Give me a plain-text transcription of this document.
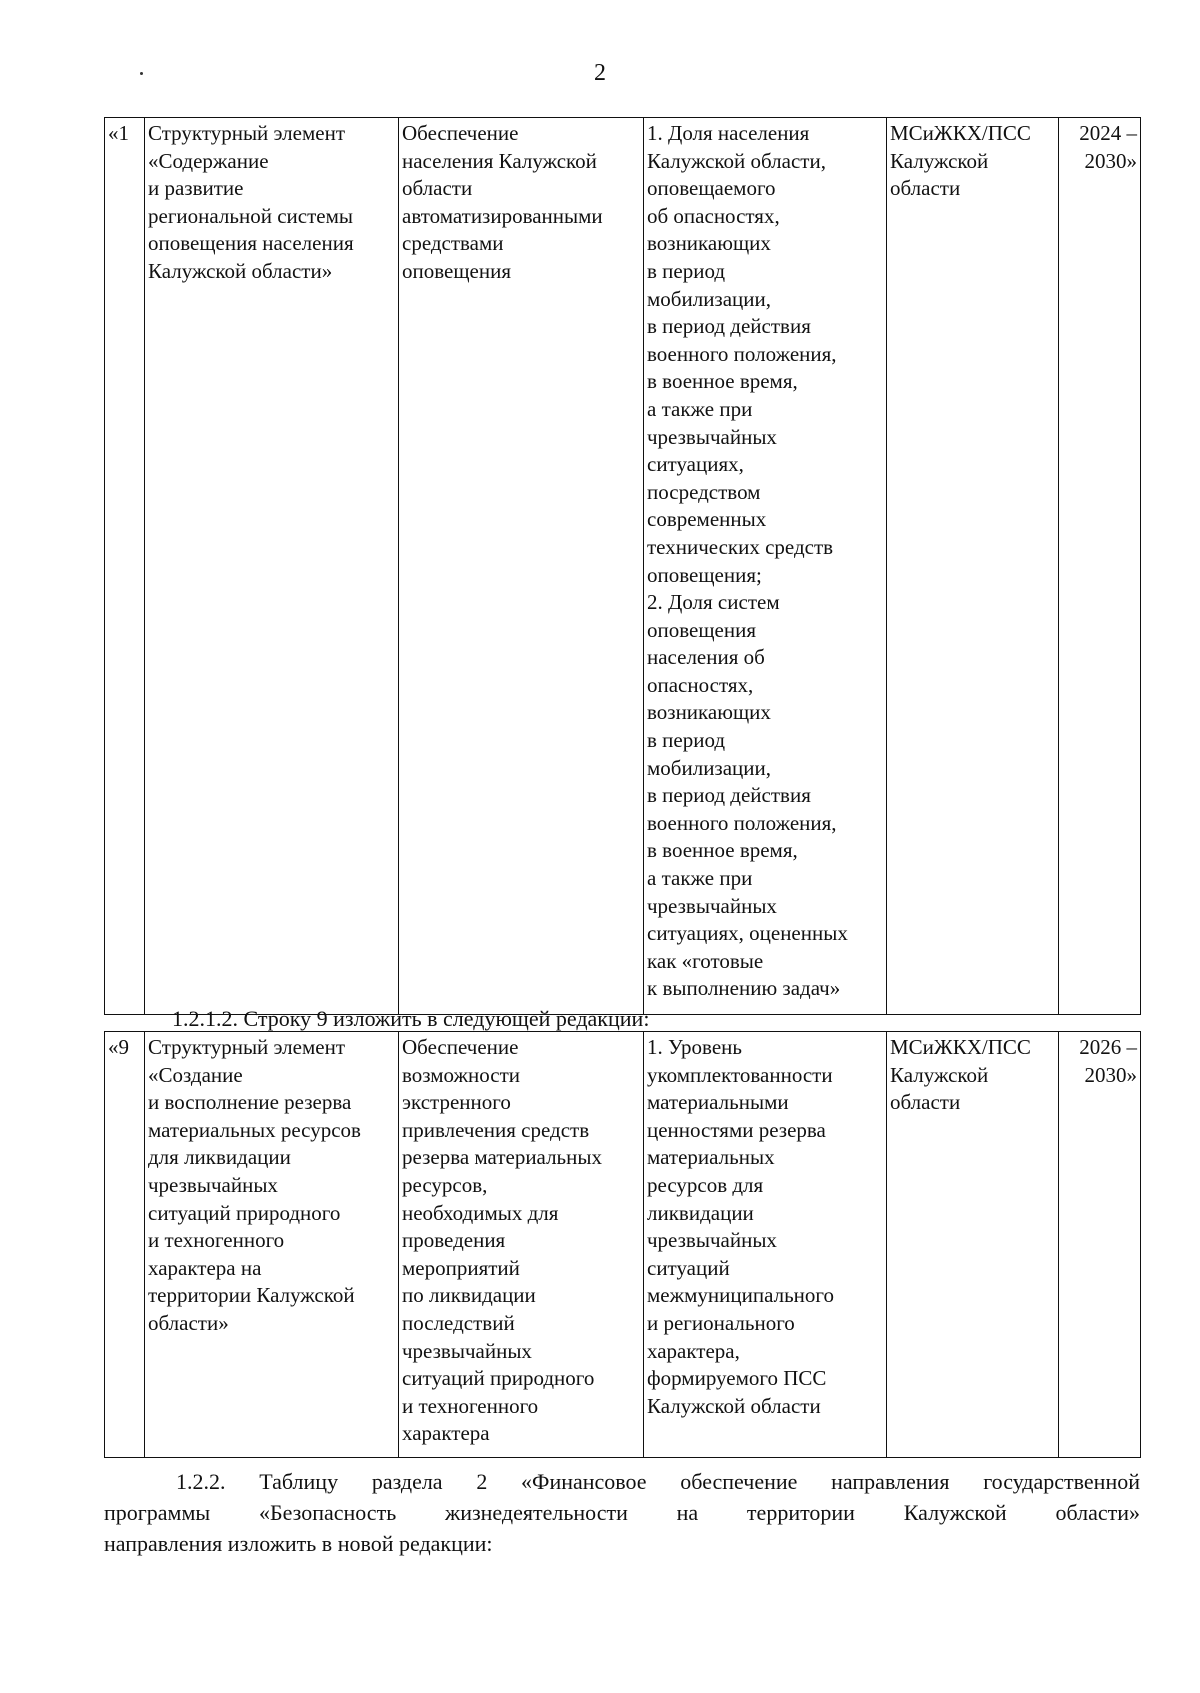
2
«1	Структурный элемент
«Содержание
и развитие
региональной системы
оповещения населения
Калужской области»

Обеспечение
населения Калужской
области
автоматизированными
средствами
оповещения

1. Доля населения
Калужской области,
оповещаемого
об опасностях,
возникающих
в период
мобилизации,
в период действия
военного положения,
в военное время,
а также при
чрезвычайных
ситуациях,
посредством
современных
технических средств
оповещения;
2. Доля систем
оповещения
населения об
опасностях,
возникающих
в период
мобилизации,
в период действия
военного положения,
в военное время,
а также при
чрезвычайных
ситуациях, оцененных
как «готовые
к выполнению задач»

МСиЖКХ/ПСС
Калужской
области

2024 –
2030»
1.2.1.2. Строку 9 изложить в следующей редакции:
«9	Структурный элемент
«Создание
и восполнение резерва
материальных ресурсов
для ликвидации
чрезвычайных
ситуаций природного
и техногенного
характера на
территории Калужской
области»

Обеспечение
возможности
экстренного
привлечения средств
резерва материальных
ресурсов,
необходимых для
проведения
мероприятий
по ликвидации
последствий
чрезвычайных
ситуаций природного
и техногенного
характера

1. Уровень
укомплектованности
материальными
ценностями резерва
материальных
ресурсов для
ликвидации
чрезвычайных
ситуаций
межмуниципального
и регионального
характера,
формируемого ПСС
Калужской области

МСиЖКХ/ПСС
Калужской
области

2026 –
2030»
1.2.2. Таблицу раздела 2 «Финансовое обеспечение направления государственной
программы «Безопасность жизнедеятельности на территории Калужской области»
направления изложить в новой редакции:
